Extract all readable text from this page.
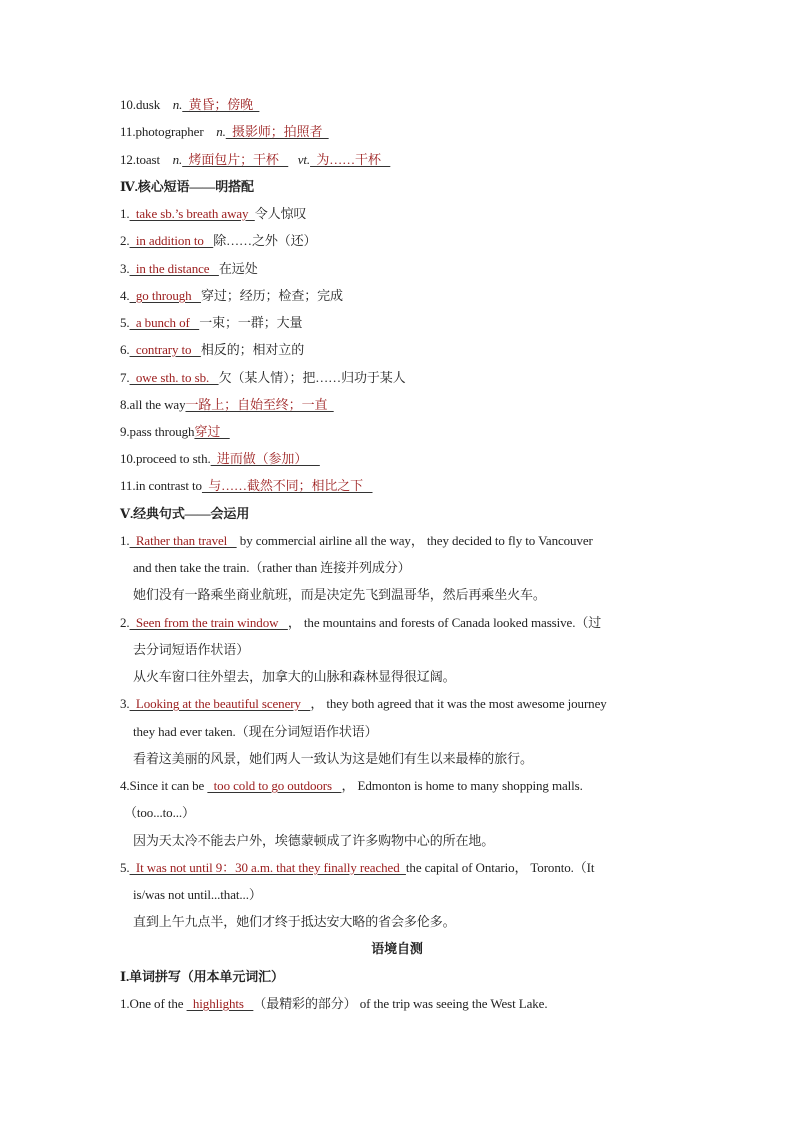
10.dusk n.  黄昏；傍晚
11.photographer n.  摄影师；拍照者
12.toast n.  烤面包片；干杯      vt.  为……干杯
Ⅳ.核心短语——明搭配
1.  take sb.’s breath away  令人惊叹
2.  in addition to   除……之外（还）
3.  in the distance   在远处
4.  go through   穿过；经历；检查；完成
5.  a bunch of   一束；一群；大量
6.  contrary to   相反的；相对立的
7.  owe sth. to sb.   欠（某人情）；把……归功于某人
8.all the way一路上；自始至终；一直
9.pass through穿过
10.proceed to sth.  进而做（参加）
11.in contrast to  与……截然不同；相比之下
Ⅴ.经典句式——会运用
1.  Rather than travel    by commercial airline all the way， they decided to fly to Vancouver
and then take the train.（rather than 连接并列成分）
她们没有一路乘坐商业航班，而是决定先飞到温哥华，然后再乘坐火车。
2.  Seen from the train window   ， the mountains and forests of Canada looked massive.（过
去分词短语作状语）
从火车窗口往外望去，加拿大的山脉和森林显得很辽阔。
3.  Looking at the beautiful scenery   ， they both agreed that it was the most awesome journey
they had ever taken.（现在分词短语作状语）
看着这美丽的风景，她们两人一致认为这是她们有生以来最棒的旅行。
4.Since it can be   too cold to go outdoors   ， Edmonton is home to many shopping malls.
（too...to...）
因为天太冷不能去户外，埃德蒙顿成了许多购物中心的所在地。
5.  It was not until 9：30 a.m. that they finally reached  the capital of Ontario， Toronto.（It
is/was not until...that...）
直到上午九点半，她们才终于抵达安大略的省会多伦多。
语境自测
Ⅰ.单词拼写（用本单元词汇）
1.One of the   highlights   （最精彩的部分） of the trip was seeing the West Lake.
